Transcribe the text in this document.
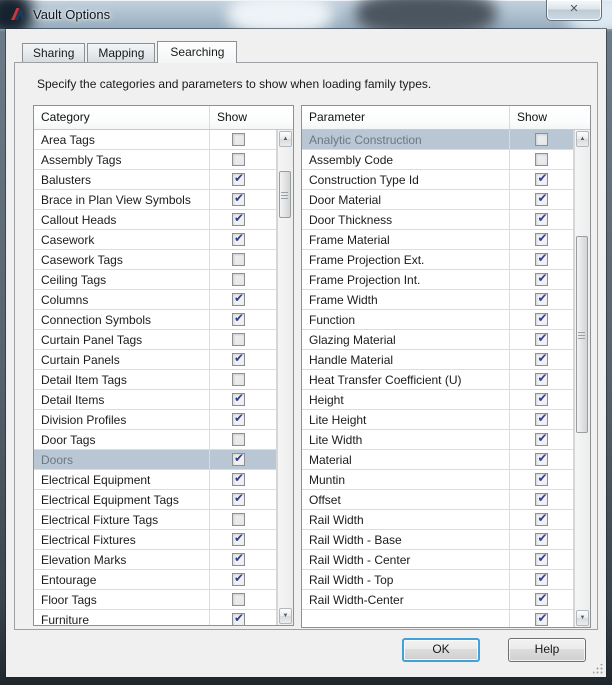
Vault Options	✕
Sharing	Mapping	Searching
Specify the categories and parameters to show when loading family types.
Category	Show
Area Tags
Assembly Tags
Balusters	✔
Brace in Plan View Symbols	✔
Callout Heads	✔
Casework	✔
Casework Tags
Ceiling Tags
Columns	✔
Connection Symbols	✔
Curtain Panel Tags
Curtain Panels	✔
Detail Item Tags
Detail Items	✔
Division Profiles	✔
Door Tags
Doors	✔
Electrical Equipment	✔
Electrical Equipment Tags	✔
Electrical Fixture Tags
Electrical Fixtures	✔
Elevation Marks	✔
Entourage	✔
Floor Tags
Furniture	✔
▲
▼
Parameter	Show
Analytic Construction
Assembly Code
Construction Type Id	✔
Door Material	✔
Door Thickness	✔
Frame Material	✔
Frame Projection Ext.	✔
Frame Projection Int.	✔
Frame Width	✔
Function	✔
Glazing Material	✔
Handle Material	✔
Heat Transfer Coefficient (U)	✔
Height	✔
Lite Height	✔
Lite Width	✔
Material	✔
Muntin	✔
Offset	✔
Rail Width	✔
Rail Width - Base	✔
Rail Width - Center	✔
Rail Width - Top	✔
Rail Width-Center	✔
✔
▲
▼
OK	Help
